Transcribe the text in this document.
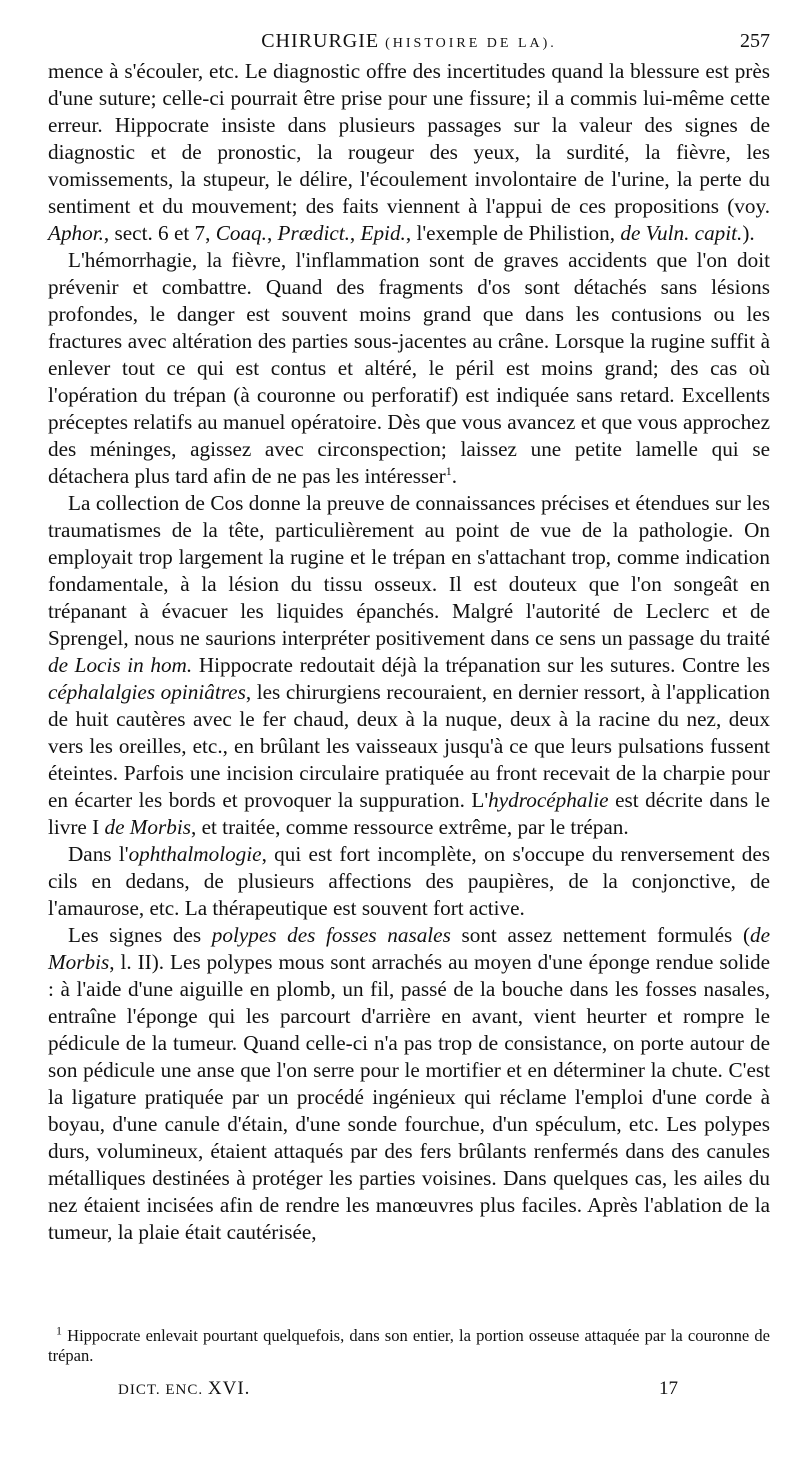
CHIRURGIE (HISTOIRE DE LA).	257

mence à s'écouler, etc. Le diagnostic offre des incertitudes quand la blessure est près d'une suture; celle-ci pourrait être prise pour une fissure; il a commis lui-même cette erreur. Hippocrate insiste dans plusieurs passages sur la valeur des signes de diagnostic et de pronostic, la rougeur des yeux, la surdité, la fièvre, les vomissements, la stupeur, le délire, l'écoulement involontaire de l'urine, la perte du sentiment et du mouvement; des faits viennent à l'appui de ces propositions (voy. Aphor., sect. 6 et 7, Coaq., Prædict., Epid., l'exemple de Philistion, de Vuln. capit.).

L'hémorrhagie, la fièvre, l'inflammation sont de graves accidents que l'on doit prévenir et combattre. Quand des fragments d'os sont détachés sans lésions profondes, le danger est souvent moins grand que dans les contusions ou les fractures avec altération des parties sous-jacentes au crâne. Lorsque la rugine suffit à enlever tout ce qui est contus et altéré, le péril est moins grand; des cas où l'opération du trépan (à couronne ou perforatif) est indiquée sans retard. Excellents préceptes relatifs au manuel opératoire. Dès que vous avancez et que vous approchez des méninges, agissez avec circonspection; laissez une petite lamelle qui se détachera plus tard afin de ne pas les intéresser$^1$.

La collection de Cos donne la preuve de connaissances précises et étendues sur les traumatismes de la tête, particulièrement au point de vue de la pathologie. On employait trop largement la rugine et le trépan en s'attachant trop, comme indication fondamentale, à la lésion du tissu osseux. Il est douteux que l'on songeât en trépanant à évacuer les liquides épanchés. Malgré l'autorité de Leclerc et de Sprengel, nous ne saurions interpréter positivement dans ce sens un passage du traité de Locis in hom. Hippocrate redoutait déjà la trépanation sur les sutures. Contre les céphalalgies opiniâtres, les chirurgiens recouraient, en dernier ressort, à l'application de huit cautères avec le fer chaud, deux à la nuque, deux à la racine du nez, deux vers les oreilles, etc., en brûlant les vaisseaux jusqu'à ce que leurs pulsations fussent éteintes. Parfois une incision circulaire pratiquée au front recevait de la charpie pour en écarter les bords et provoquer la suppuration. L'hydrocéphalie est décrite dans le livre I de Morbis, et traitée, comme ressource extrême, par le trépan.

Dans l'ophthalmologie, qui est fort incomplète, on s'occupe du renversement des cils en dedans, de plusieurs affections des paupières, de la conjonctive, de l'amaurose, etc. La thérapeutique est souvent fort active.

Les signes des polypes des fosses nasales sont assez nettement formulés (de Morbis, l. II). Les polypes mous sont arrachés au moyen d'une éponge rendue solide : à l'aide d'une aiguille en plomb, un fil, passé de la bouche dans les fosses nasales, entraîne l'éponge qui les parcourt d'arrière en avant, vient heurter et rompre le pédicule de la tumeur. Quand celle-ci n'a pas trop de consistance, on porte autour de son pédicule une anse que l'on serre pour le mortifier et en déterminer la chute. C'est la ligature pratiquée par un procédé ingénieux qui réclame l'emploi d'une corde à boyau, d'une canule d'étain, d'une sonde fourchue, d'un spéculum, etc. Les polypes durs, volumineux, étaient attaqués par des fers brûlants renfermés dans des canules métalliques destinées à protéger les parties voisines. Dans quelques cas, les ailes du nez étaient incisées afin de rendre les manœuvres plus faciles. Après l'ablation de la tumeur, la plaie était cautérisée,

$^1$ Hippocrate enlevait pourtant quelquefois, dans son entier, la portion osseuse attaquée par la couronne de trépan.

DICT. ENC. XVI.	17
